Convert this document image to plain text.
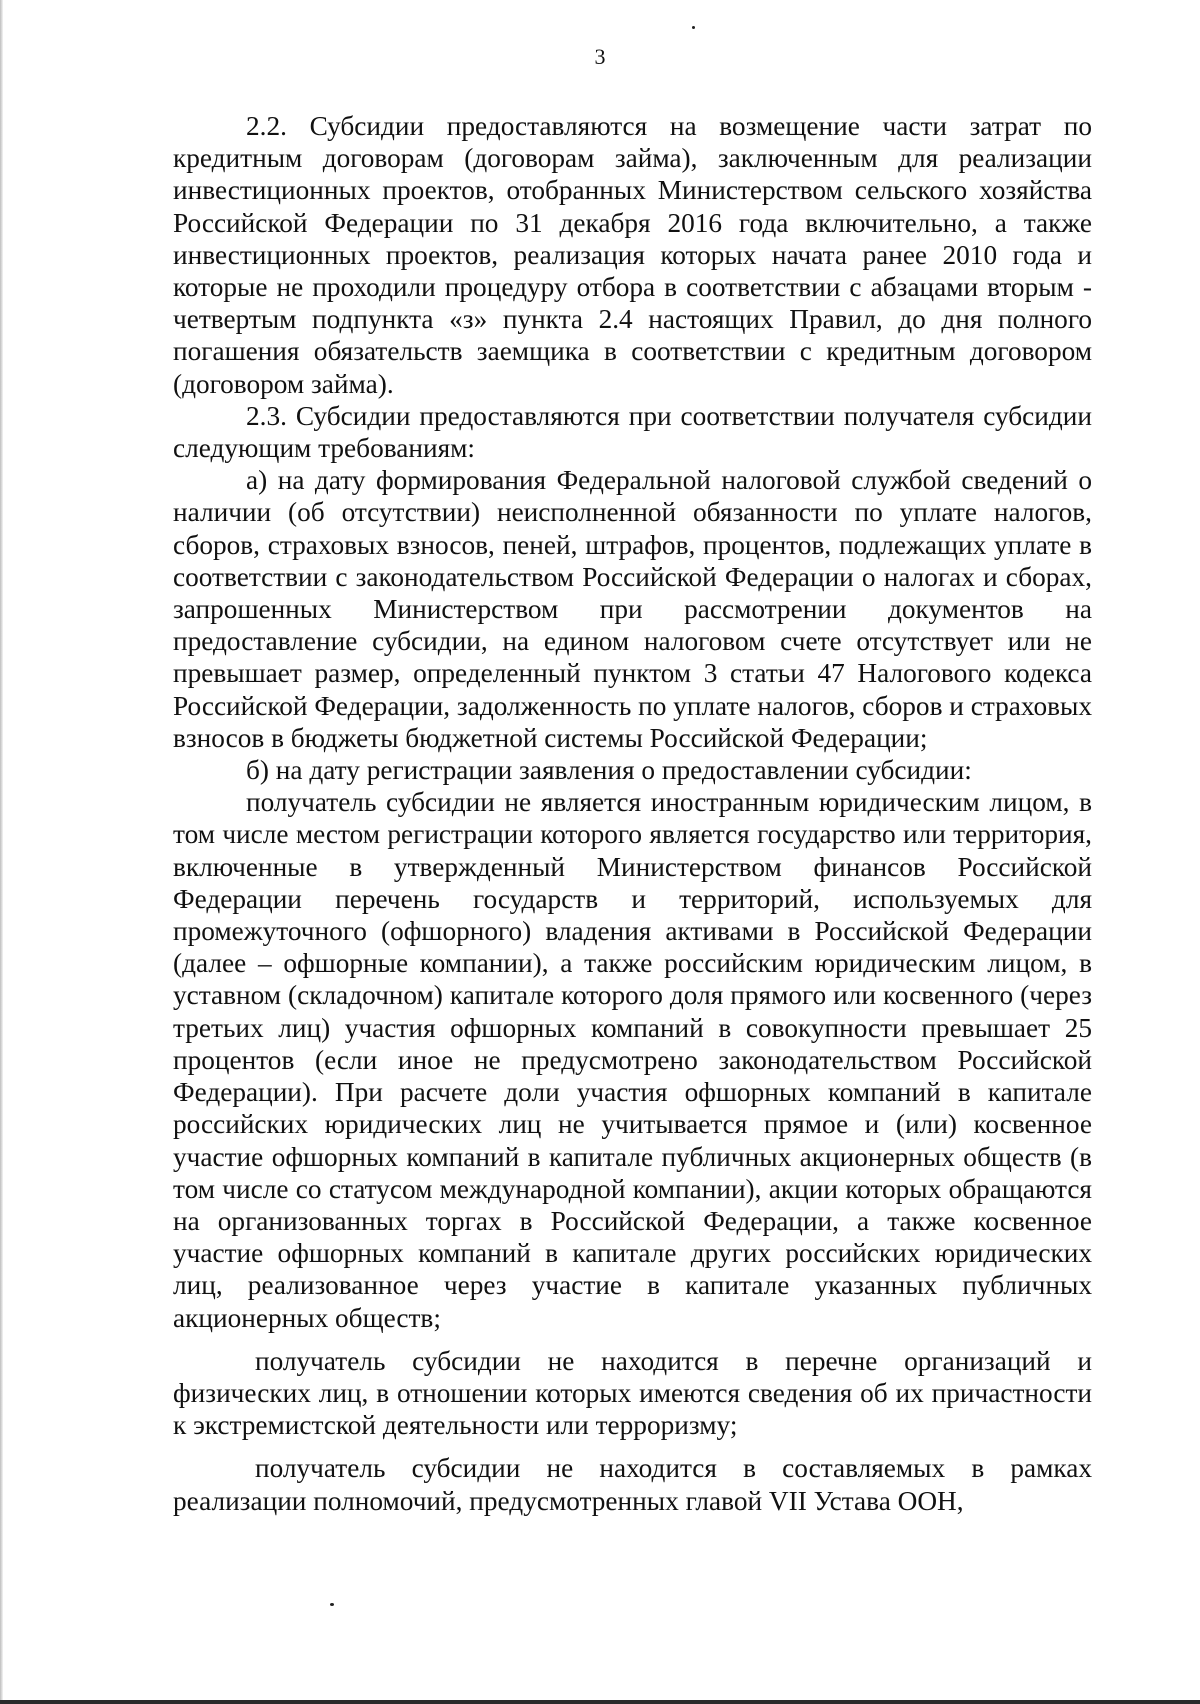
3

2.2. Субсидии предоставляются на возмещение части затрат по кредитным договорам (договорам займа), заключенным для реализации инвестиционных проектов, отобранных Министерством сельского хозяйства Российской Федерации по 31 декабря 2016 года включительно, а также инвестиционных проектов, реализация которых начата ранее 2010 года и которые не проходили процедуру отбора в соответствии с абзацами вторым - четвертым подпункта «з» пункта 2.4 настоящих Правил, до дня полного погашения обязательств заемщика в соответствии с кредитным договором (договором займа).

2.3. Субсидии предоставляются при соответствии получателя субсидии следующим требованиям:

а) на дату формирования Федеральной налоговой службой сведений о наличии (об отсутствии) неисполненной обязанности по уплате налогов, сборов, страховых взносов, пеней, штрафов, процентов, подлежащих уплате в соответствии с законодательством Российской Федерации о налогах и сборах, запрошенных Министерством при рассмотрении документов на предоставление субсидии, на едином налоговом счете отсутствует или не превышает размер, определенный пунктом 3 статьи 47 Налогового кодекса Российской Федерации, задолженность по уплате налогов, сборов и страховых взносов в бюджеты бюджетной системы Российской Федерации;

б) на дату регистрации заявления о предоставлении субсидии:

получатель субсидии не является иностранным юридическим лицом, в том числе местом регистрации которого является государство или территория, включенные в утвержденный Министерством финансов Российской Федерации перечень государств и территорий, используемых для промежуточного (офшорного) владения активами в Российской Федерации (далее – офшорные компании), а также российским юридическим лицом, в уставном (складочном) капитале которого доля прямого или косвенного (через третьих лиц) участия офшорных компаний в совокупности превышает 25 процентов (если иное не предусмотрено законодательством Российской Федерации). При расчете доли участия офшорных компаний в капитале российских юридических лиц не учитывается прямое и (или) косвенное участие офшорных компаний в капитале публичных акционерных обществ (в том числе со статусом международной компании), акции которых обращаются на организованных торгах в Российской Федерации, а также косвенное участие офшорных компаний в капитале других российских юридических лиц, реализованное через участие в капитале указанных публичных акционерных обществ;

получатель субсидии не находится в перечне организаций и физических лиц, в отношении которых имеются сведения об их причастности к экстремистской деятельности или терроризму;

получатель субсидии не находится в составляемых в рамках реализации полномочий, предусмотренных главой VII Устава ООН,
